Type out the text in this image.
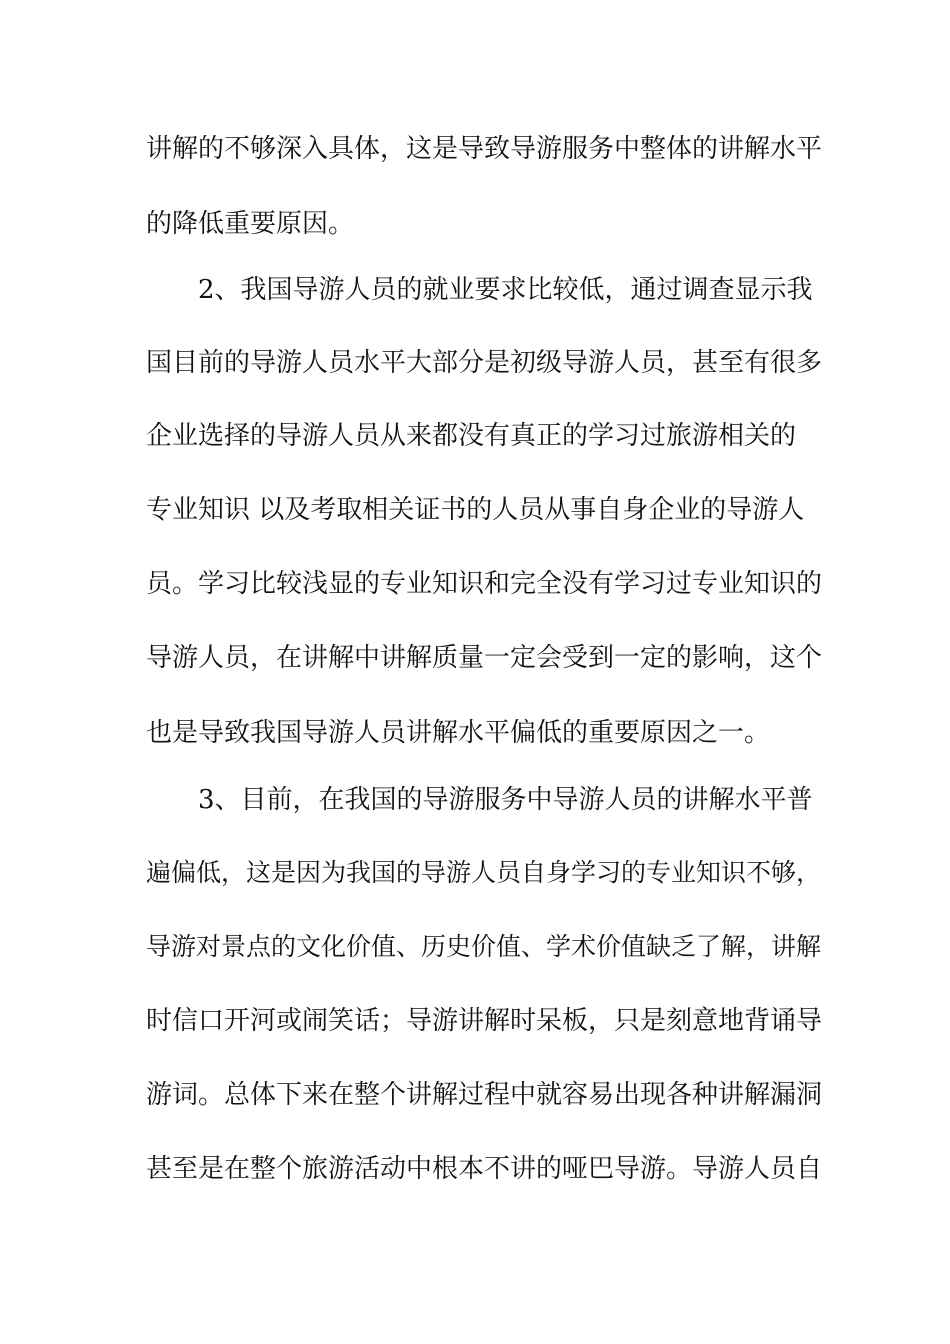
讲解的不够深入具体，这是导致导游服务中整体的讲解水平
的降低重要原因。
2、我国导游人员的就业要求比较低，通过调查显示我
国目前的导游人员水平大部分是初级导游人员，甚至有很多
企业选择的导游人员从来都没有真正的学习过旅游相关的
专业知识 以及考取相关证书的人员从事自身企业的导游人
员。学习比较浅显的专业知识和完全没有学习过专业知识的
导游人员，在讲解中讲解质量一定会受到一定的影响，这个
也是导致我国导游人员讲解水平偏低的重要原因之一。
3、目前，在我国的导游服务中导游人员的讲解水平普
遍偏低，这是因为我国的导游人员自身学习的专业知识不够，
导游对景点的文化价值、历史价值、学术价值缺乏了解，讲解
时信口开河或闹笑话；导游讲解时呆板，只是刻意地背诵导
游词。总体下来在整个讲解过程中就容易出现各种讲解漏洞
甚至是在整个旅游活动中根本不讲的哑巴导游。导游人员自
